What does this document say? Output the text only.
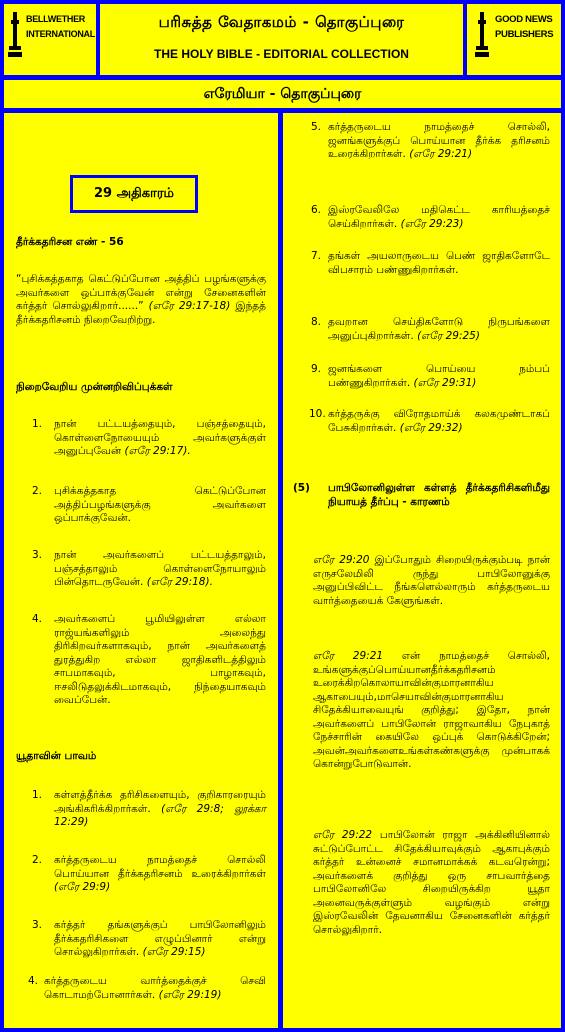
BELLWETHER
INTERNATIONAL
பரிசுத்த வேதாகமம் - தொகுப்புரை
THE HOLY BIBLE - EDITORIAL COLLECTION
GOOD NEWS
PUBLISHERS
எரேமியா - தொகுப்புரை
29 அதிகாரம்
தீர்க்கதரிசன எண் - 56
“புசிக்கத்தகாத கெட்டுப்போன அத்திப் பழங்களுக்கு அவர்களை ஒப்பாக்குவேன் என்று சேனைகளின் கர்த்தர் சொல்லுகிறார்......” (எரே 29:17-18) இந்தத் தீர்க்கதரிசனம் நிறைவேறிற்று.
நிறைவேறிய முன்னறிவிப்புக்கள்
1. நான் பட்டயத்தையும், பஞ்சத்தையும், கொள்ளைநோயையும் அவர்களுக்குள் அனுப்புவேன் (எரே 29:17).
2. புசிக்கத்தகாத கெட்டுப்போன அத்திப்பழங்களுக்கு அவர்களை ஒப்பாக்குவேன்.
3. நான் அவர்களைப் பட்டயத்தாலும், பஞ்சத்தாலும் கொள்ளைநோயாலும் பின்தொடருவேன். (எரே 29:18).
4. அவர்களைப் பூமியிலுள்ள எல்லா ராஜ்யங்களிலும் அலைந்து திரிகிறவர்களாகவும், நான் அவர்களைத் துரத்துகிற எல்லா ஜாதிகளிடத்திலும் சாபமாகவும், பாழாகவும், ஈசலிடுதலுக்கிடமாகவும், நிந்தையாகவும் வைப்பேன்.
யூதாவின் பாவம்
1. கள்ளத்தீர்க்க தரிசிகளையும், குறிகாரரையும் அங்கிகரிக்கிறார்கள். (எரே 29:8; லூக்கா 12:29)
2. கர்த்தருடைய நாமத்தைச் சொல்லி பொய்யான தீர்க்கதரிசனம் உரைக்கிறார்கள் (எரே 29:9)
3. கர்த்தர் தங்களுக்குப் பாபிலோனிலும் தீர்க்கதரிசிகளை எழுப்பினார் என்று சொல்லுகிறார்கள். (எரே 29:15)
4. கர்த்தருடைய வார்த்தைக்குச் செவி கொடாமற்போனார்கள். (எரே 29:19)
5. கர்த்தருடைய நாமத்தைச் சொல்லி, ஜனங்களுக்குப் பொய்யான தீர்க்க தரிசனம் உரைக்கிறார்கள். (எரே 29:21)
6. இஸ்ரவேலிலே மதிகெட்ட காரியத்தைச் செய்கிறார்கள். (எரே 29:23)
7. தங்கள் அயலாருடைய பெண் ஜாதிகளோடே விபசாரம் பண்ணுகிறார்கள்.
8. தவறான செய்திகளோடு நிருபங்களை அனுப்புகிறார்கள். (எரே 29:25)
9. ஜனங்களை பொய்யை நம்பப் பண்ணுகிறார்கள். (எரே 29:31)
10. கர்த்தருக்கு விரோதமாய்க் கலகமுண்டாகப் பேசுகிறார்கள். (எரே 29:32)
(5) பாபிலோனிலுள்ள கள்ளத் தீர்க்கதரிசிகளிமீது நியாயத் தீர்ப்பு - காரணம்
எரே 29:20 இப்போதும் சிறையிருக்கும்படி நான் எருசலேமிலி ருந்து பாபிலோனுக்கு அனுப்பிவிட்ட நீங்களெல்லாரும் கர்த்தருடைய வார்த்தையைக் கேளுங்கள்.
எரே 29:21 என் நாமத்தைச் சொல்லி, உங்களுக்குப்பொய்யானதீர்க்கதரிசனம் உரைக்கிறகொலாயாவின்குமாரனாகிய ஆகாபையும்,மாசெயாவின்குமாரனாகிய சிதேக்கியாவையுங் குறித்து; இதோ, நான் அவர்களைப் பாபிலோன் ராஜாவாகிய நேபுகாத் நேச்சாரின் கையிலே ஒப்புக் கொடுக்கிறேன்; அவன்அவர்களைஉங்கள்கண்களுக்கு முன்பாகக் கொன்றுபோடுவான்.
எரே 29:22 பாபிலோன் ராஜா அக்கினியினால் சுட்டுப்போட்ட சிதேக்கியாவுக்கும் ஆகாபுக்கும் கர்த்தர் உன்னைச் சமானமாக்கக் கடவரென்று; அவர்களைக் குறித்து ஒரு சாபவார்த்தை பாபிலோனிலே சிறையிருக்கிற யூதா அனைவருக்குள்ளும் வழங்கும் என்று இஸ்ரவேலின் தேவனாகிய சேனைகளின் கர்த்தர் சொல்லுகிறார்.
